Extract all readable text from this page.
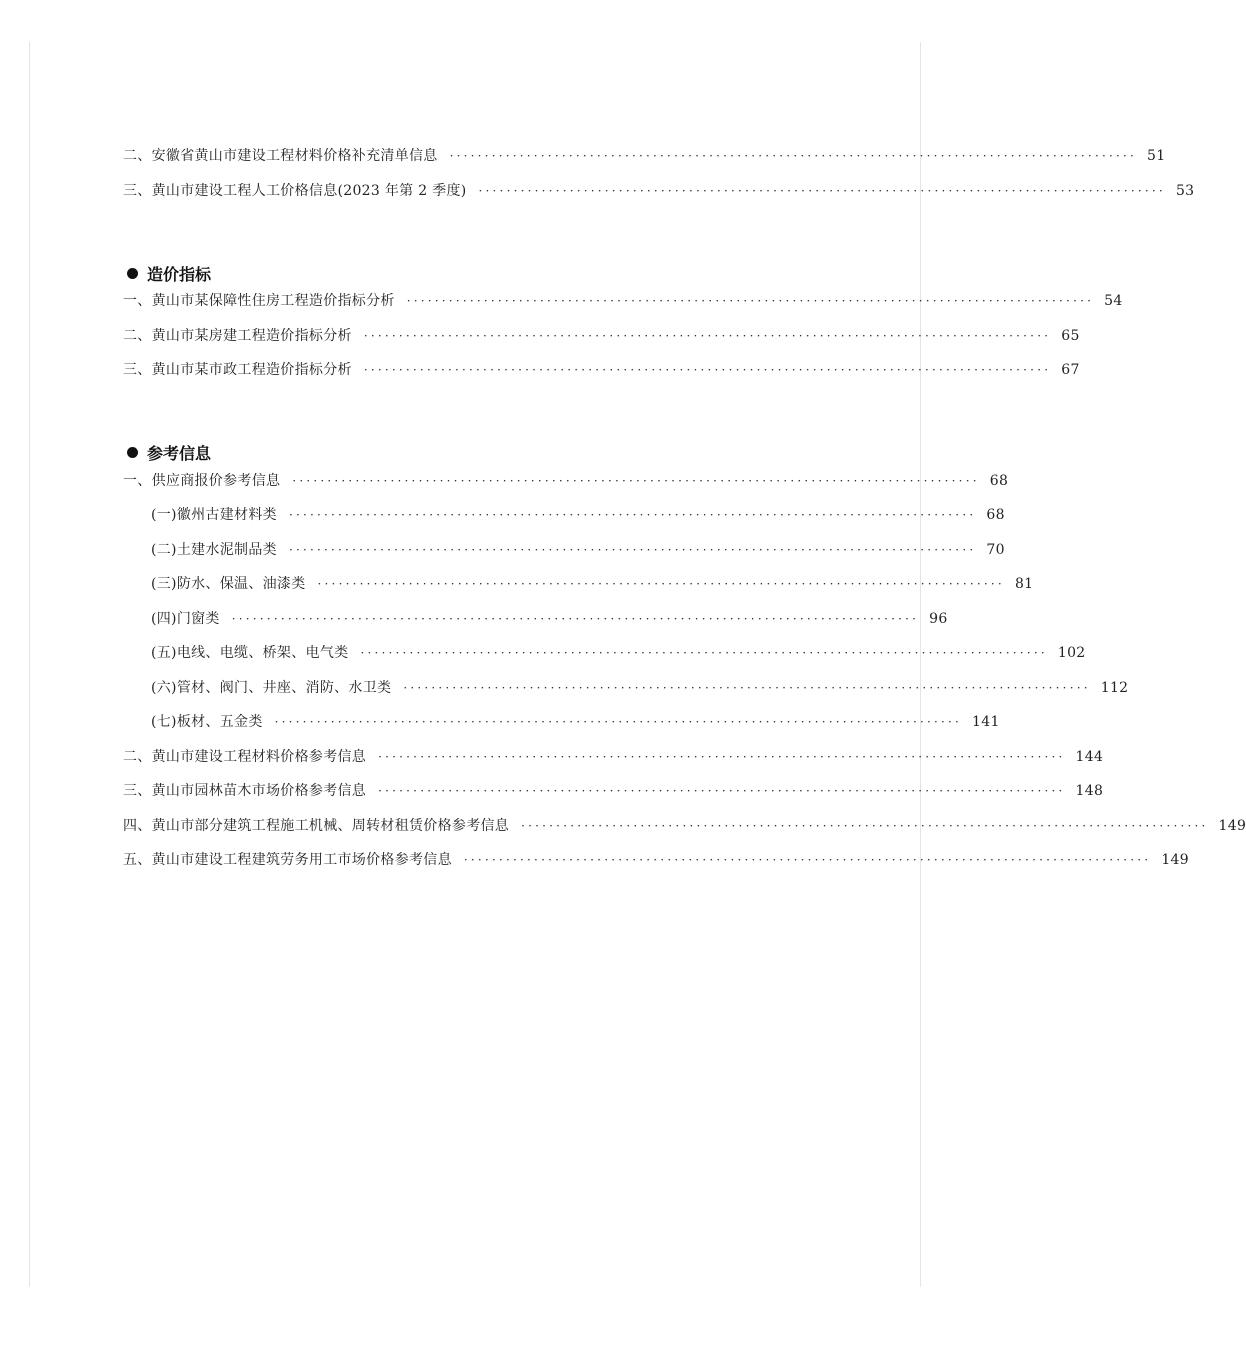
二、安徽省黄山市建设工程材料价格补充清单信息 ·································································································· 51
三、黄山市建设工程人工价格信息(2023 年第 2 季度) ·································································································· 53
造价指标
一、黄山市某保障性住房工程造价指标分析 ·································································································· 54
二、黄山市某房建工程造价指标分析 ·································································································· 65
三、黄山市某市政工程造价指标分析 ·································································································· 67
参考信息
一、供应商报价参考信息 ·································································································· 68
(一)徽州古建材料类 ·································································································· 68
(二)土建水泥制品类 ·································································································· 70
(三)防水、保温、油漆类 ·································································································· 81
(四)门窗类 ·································································································· 96
(五)电线、电缆、桥架、电气类 ·································································································· 102
(六)管材、阀门、井座、消防、水卫类 ·································································································· 112
(七)板材、五金类 ·································································································· 141
二、黄山市建设工程材料价格参考信息 ·································································································· 144
三、黄山市园林苗木市场价格参考信息 ·································································································· 148
四、黄山市部分建筑工程施工机械、周转材租赁价格参考信息 ·································································································· 149
五、黄山市建设工程建筑劳务用工市场价格参考信息 ·································································································· 149
